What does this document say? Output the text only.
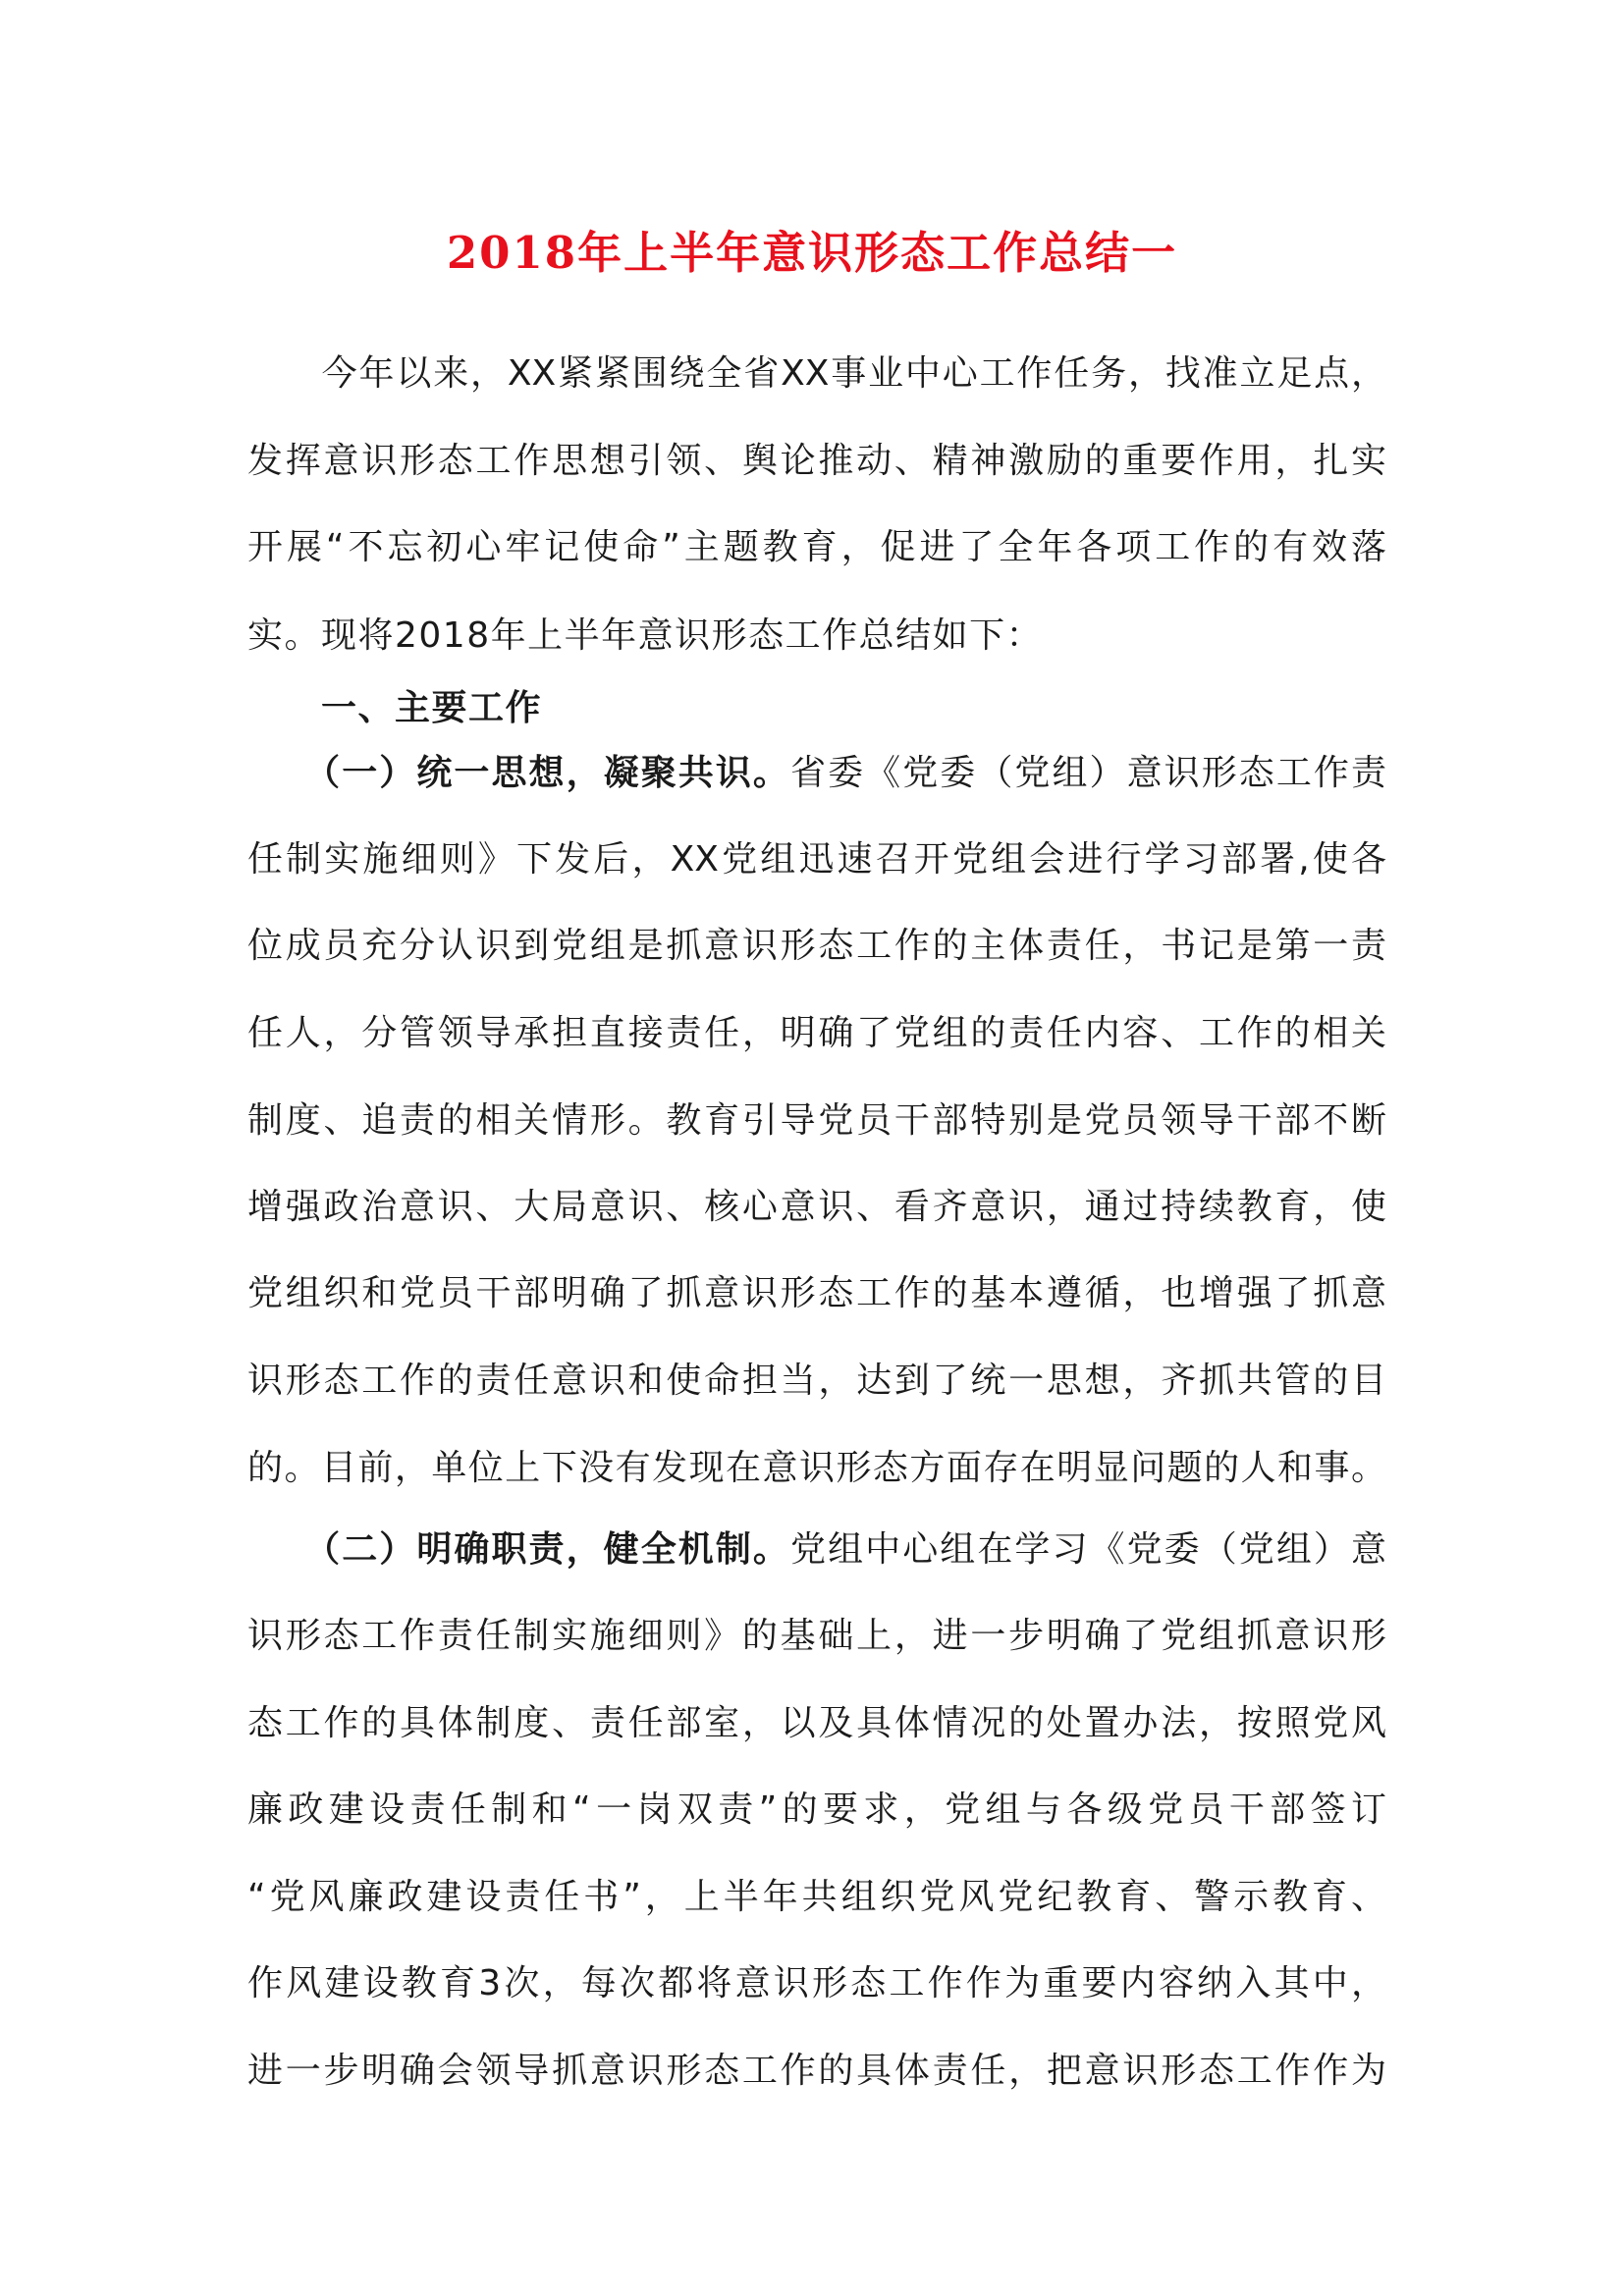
2018年上半年意识形态工作总结一

　　今年以来，XX紧紧围绕全省XX事业中心工作任务，找准立足点，

发挥意识形态工作思想引领、舆论推动、精神激励的重要作用，扎实

开展“不忘初心牢记使命”主题教育，促进了全年各项工作的有效落

实。现将2018年上半年意识形态工作总结如下：

　　一、主要工作

　　（一）统一思想，凝聚共识。省委《党委（党组）意识形态工作责

任制实施细则》下发后，XX党组迅速召开党组会进行学习部署,使各

位成员充分认识到党组是抓意识形态工作的主体责任，书记是第一责

任人，分管领导承担直接责任，明确了党组的责任内容、工作的相关

制度、追责的相关情形。教育引导党员干部特别是党员领导干部不断

增强政治意识、大局意识、核心意识、看齐意识，通过持续教育，使

党组织和党员干部明确了抓意识形态工作的基本遵循，也增强了抓意

识形态工作的责任意识和使命担当，达到了统一思想，齐抓共管的目

的。目前，单位上下没有发现在意识形态方面存在明显问题的人和事。

　　（二）明确职责，健全机制。党组中心组在学习《党委（党组）意

识形态工作责任制实施细则》的基础上，进一步明确了党组抓意识形

态工作的具体制度、责任部室，以及具体情况的处置办法，按照党风

廉政建设责任制和“一岗双责”的要求，党组与各级党员干部签订

“党风廉政建设责任书”，上半年共组织党风党纪教育、警示教育、

作风建设教育3次，每次都将意识形态工作作为重要内容纳入其中，

进一步明确会领导抓意识形态工作的具体责任，把意识形态工作作为
